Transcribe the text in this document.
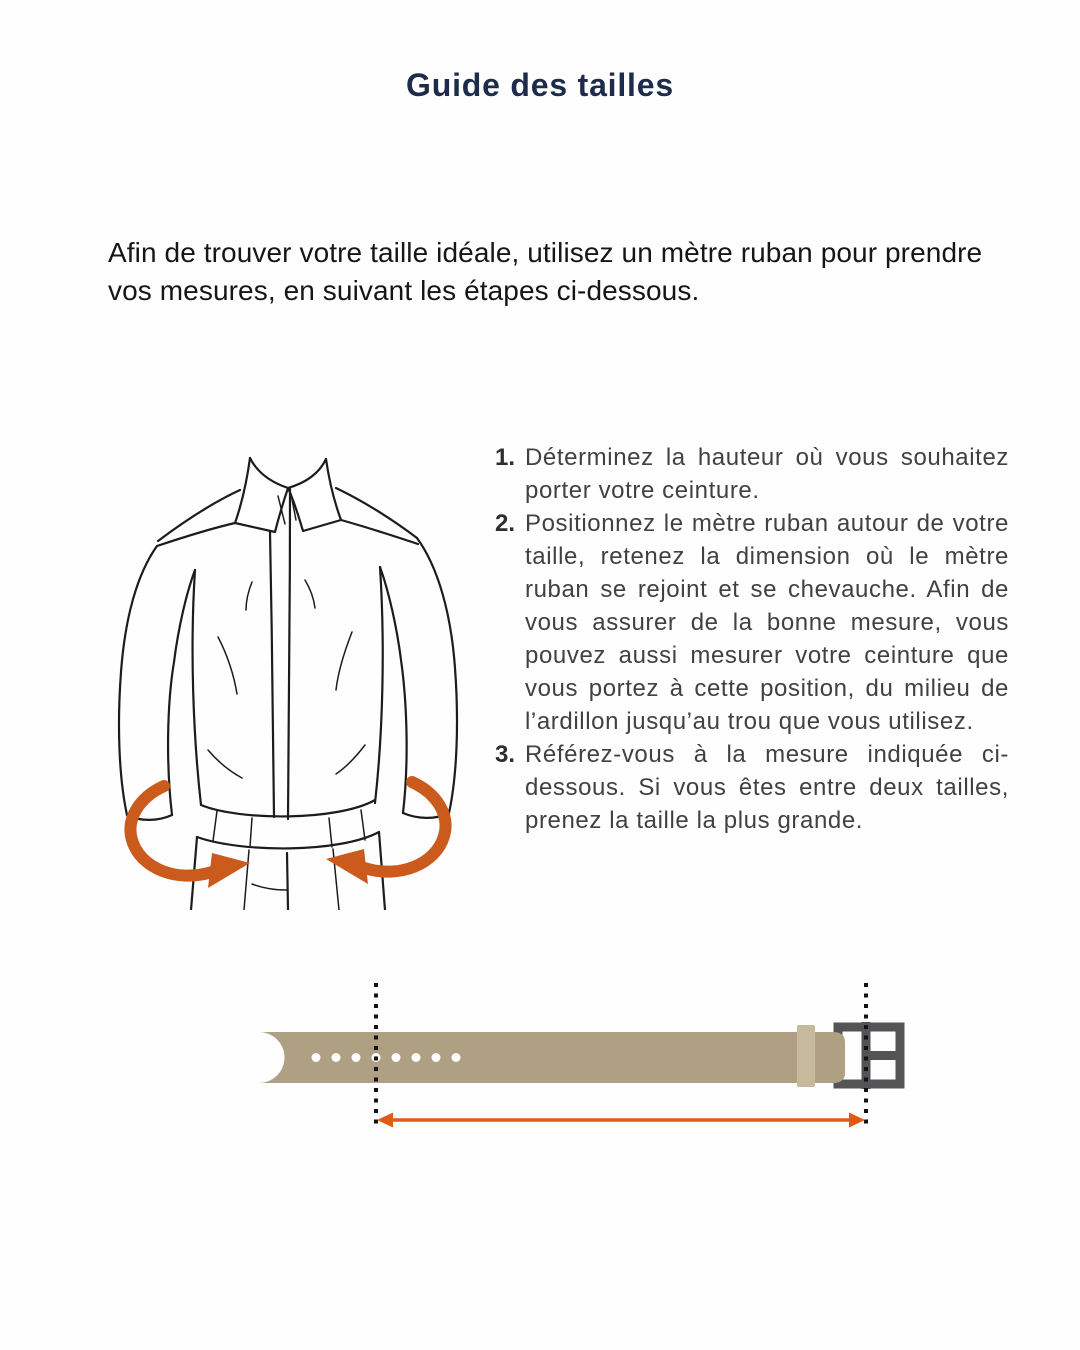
Guide des tailles

Afin de trouver votre taille idéale, utilisez un mètre ruban pour prendre vos mesures, en suivant les étapes ci-dessous.

1. Déterminez la hauteur où vous souhaitez porter votre ceinture.
2. Positionnez le mètre ruban autour de votre taille, retenez la dimension où le mètre ruban se rejoint et se chevauche. Afin de vous assurer de la bonne mesure, vous pouvez aussi mesurer votre ceinture que vous portez à cette position, du milieu de l’ardillon jusqu’au trou que vous utilisez.
3. Référez-vous à la mesure indiquée ci-dessous. Si vous êtes entre deux tailles, prenez la taille la plus grande.
